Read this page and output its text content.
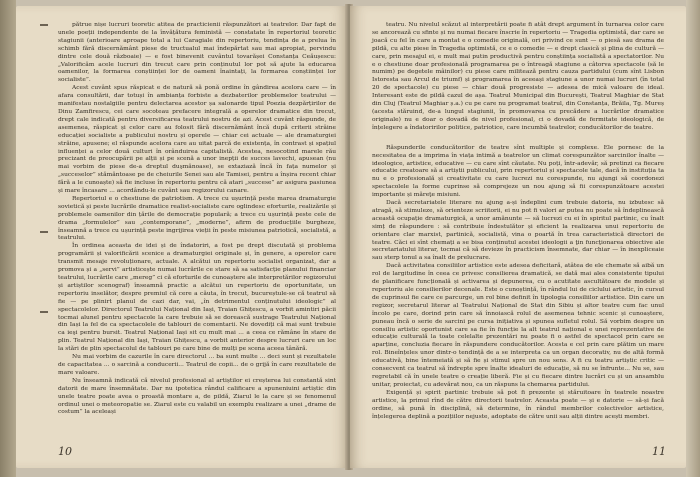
pătrue nișe lucruri teoretic atitea de practicienii răspunzători ai teatrelor. Dar fapt de unele poeții independente de la învățătura feministă — constatate în repertoriul teoretic stagiunii (anterioare aproape total a lui Caragiale din repertoriu, tendința de a prelua în schimb fără discernământ piese de tructualul mai îndepărtat sau mai apropiat, pervindu dintre cele două războaie) — e fost binevenit cuvântul tovarășei Constanța Ceăușescu: „Valorificăm acele lucruri din trecut care prin conținutul lor pot să ajute la educarea oamenilor, la formarea conștiinței lor de oameni înaintați, la formarea conștiinței lor socialiste”.

Acest cuvânt spus răspicat e de natură să ponă ordine în gândirea acelora care — în afara consultării, dar totuși în ambianța forbiste a dezbaterilor problemelor teatrului — manifestau nostalgiile pentru delectarea acestor șa salonarde tipul Poezia dezpărțirilor de Dinu Zamfirescu, cei care socoteau prefacere integrală a operelor dramatice din trecut, drept cale indicată pentru diversificarea teatrului nostru de azi. Acest cuvânt răspunde, de asemenea, răspicat și celor care au folosit fără discernământ încă după criterii strâine educației socialiste a publicului nostru și operele — chiar cei actuale — ale dramaturgiei străine, apusene; el răspunde acelora care au uitat parcă de existența, în contrast și spațiul influenței a celor două culturi în orânduirea capitalistă. Acestea, nesocotind marele rău precizant de preocupării pe alții și pe scenă a unor inepții de succes lavechi, apusean (nu mai vorbim de piese de-a dreptul duşmănoase), se extaziază încă în fața numelor și „succeselor” stămăntoase pe de cheiurile Senei sau ale Tamisei, pentru a înșira recent chiar fără a le cunoaște) să fie incluse în repertoriu pentru că atari „succese” ar asigura pasiunea și mare încasare ... acordându-le cuvânt sau regizorului canare.

Repertoriul e o chestiune de patriotism. A trece cu ușurință peste marea dramaturgie sovietică și peste lucrările dramatice realist-socialiste care oglindesc eforturile, realizările și problemele oamenilor din țările de democrație populară; a trece cu ușurință peste cele de drama „formulelor” sau „contemporane”, „moderne”, afirm de producțiile burgheze, înseamnă a trece cu ușurință peste ingrijirea vieții în peste misiunea patriotică, socialistă, a teatrului.

În ordinea aceasta de idei și de îndatoriri, a fost pe drept discutată și problema programării și valorificării scenice a dramaturgiei originale și, în genere, a operelor care transmit mesaje revoluționare, actuale. A alcătui un repertoriu socialist organizat, dar a promova și a „servi” artisticește numai lucrările ce stare să sa satisfacție planului financiar teatrului, lucrările care „mereg” ci că eforturile de cunoaștere ale interpretărilor regizorului și artiștilor scenograf) înseamnă practic a alcătui un repertoriu de oportunitate, un repertoriu inselător, despre premiul că cere a căuta, în trecut, bucureștule-se că teatrul să fie — pe plinirt planul de cazi dar, vai, „în detrimentul conținutului ideologic” al spectacolelor. Directorul Teatrului Național din Iași, Traian Ghițescu, a vorbit amintiri păcii tocmai alunel pentru spectacole la care trebuie să se dorească sustrage Teatrului Național din Iași la fel de ca spectacolele de tablouri de comentarii. Ne dovediți că mai sunt trebuie ca ieşi pentru bursit. Teatrul Național Iași sit cu mult mai ... a ceea ce rămâne în stare de plin. Teatrul Național din Iași, Traian Ghițescu, a vorbit anterior despre lucruri care un loc la stări de plin spectacolul de tablouri pe care bine de mulți pe scena aceea tânără.

Nu mai vorbim de cazurile în care directorul ... ba sunt multe ... deci sunt și rezultatele de capacitatea ... o sarcină a conducerii... Teatrul de copii... de o grijă în care rezultatele de mare valoare.

Nu înseamnă indicată că nivelul profesional al artiștilor ei creșterea lui constantă sint datorii de mare însemnătate. Dar nu ipotetica rândul calificare a spuneniuini artiștic din unele teatre poate avea o proastă montare a, de pildă, Ziarul le la care și se fenomenul ordinul unei o meteoropatie se. Ziarul este cu valabil un exemplu realizare a unei „drame de costum” la aceleași

10

teatru. Nu nivelul scăzut al interpretării poate fi atât drept argument în turnarea celor care se ancorează cu sfinte și nu numai fiecare înscrie în repertoriu — Tragedia optimistă, dar care se joacă cu fel în care a montat e o comedie originală, ori privind ce sunt — o piesă sau drama de pildă, cu alte piese în Tragedia optimistă, ce e o comedie — e drept clasică și plina de cultură — care, prin mesajul ei, e mult mai putin productivă pentru conștiința socialistă a spectatorilor. Nu e o chestiune doar profesională programarea pe o întreagă stagiune a câtorva spectacole (să le numim) pe degetele mâinilor) cu piese care militează pentru cauza partidului (cum sînt Lisbon Istoresta sau Arcul de triumf) și programarea în aceeași stagiune a unor numai lucruri (în total 20 de spectacole) cu piese — chiar două progresiste — adesea de mică valoare de ideal. Interesant este de pildă cazul de așa. Teatrul Municipal din București, Teatrul Maghiar de Stat din Cluj (Teatrul Maghiar ș.a.) cu pe care nu programat teatrul, din Constanța, Brăila, Tg. Mureș (acesta stăruind, de-a lungul stagiunii, în promovarea cu precădere a lucrărilor dramatice originale) nu e doar o dovadă de nivel profesional, ci o dovadă de fermitate ideologică, de înțelegere a îndatoririlor politice, patriotice, care incumbă teatrelor, conducătorilor de teatre.

Răspunderile conducătorilor de teatre sînt multiple și complexe. Ele pornesc de la necesitatea de a imprima în viața intimă a teatrelor un climat corespunzător sarcinilor înalte — ideologice, artistice, educative — cu care sînt căutate. Nu poți, într-adevăr, să pretinzi ca fiecare educatie creatoare să a artiștii publicului, prin repertoriul și spectacole tale, dacă în instituția ta nu e o profesională și creativitate cu care lucrezi nu corespunde, nu ajungi să coordonezi spectacolele la forme cuprinse să comprejeze un nou ajung să fii corespunzătoare acestei importante și măreţe misiuni.

Dacă secretariatele literare nu ajung a-și îndeplini cum trebuie datoria, nu izbutesc să atragă, să stimuleze, să orienteze scriitorii, ei nu pot fi valori ar putea nu poate să îndeplinească această ocupație dramaturgică, a unor amănunte — să lucrezi cu ei în spiritul partinic, cu înalt simț de răspundere : să contribuie îndestulător și eficient la realizarea unui repertoriu de orientare clar marxist, partinică, socialistă, vina o poartă în trea caracteristică directori de teatre. Căci ei sînt chemați a se bisa conținutul acestei ideologii a ţin funcţionarea obiective ale secretariatului literar, tocmai că să devieze în practicism însemnate, dar chiar — în inexpliceaie sau sterp tonul a sa înalt de prelucrare.

Dacă activitatea consiliilor artistice este adesea deficitară, atâtea de ele chemate să aibă un rol de largitudine în ceea ce privesc consilierea dramatică, se dată mai ales consistente tipului de planificare funcțională și activarea și depunerea, cu o acutitate ascultătoare de modele și repertoriu ale consilierilor decenale. Este o cunoștință, în rândul lui de ciclului artistic, în cursul de cuprinsul fie care ce parcurge, un rol bine definit în tipologia consiliilor artistice. Din care un regizor, secretarul literar al Teatrului Național de Stat din Sibiu și altor teatre cum fac unul încolo pe care, dorind prin care să înnoiască rolul de asemenea tehnic scenic și cunoaștere, puneau încă o serie de sarcini pe cursa inițiativa și spunea sufletul rolul. Să vorbim despre un consiliu artistic oportunist care sa fie în funcție la alt teatrul național e unei reprezentative de educație culturală la toate celelalte prezentări nu poate fi o astfel de spectacol prin care se aparține, concluzia fiecare în răspundere conducătorilor. Acesta e cel prin care plătim un mare rol. Bineînțeles unor dintr-o tendință de a se interpreta ca un organ decorativ, nu de altă formă educativă, bine întemeiată și să fie și stimul spre un nou sens. A fi cu teatru artiștic critic — consecvent ca teatrul să îndrepte spre înalte idealuri de educație, să nu se înfrunte... Nu se, sau regretabil că în unele teatre o creație liberă. Fie și cu fiecare dintre lucrări cu și un ansamblu unitar, proiectat, cu adevărat nou, ca un răspuns la chemarea partidului.

Exigență și spirit partinic trebuie să pot fi prezente și stăruitoare în teatrele noastre artistice, la primul rînd de către directorii teatrelor. Aceasta poate — și e datorie — să-și facă ordine, să pună în disciplină, să determine, în rândul membrilor colectivelor artistice, înțelegerea deplină a pozițiilor nejuste, adoptate de către unii sau alții dintre acești membri.

11
